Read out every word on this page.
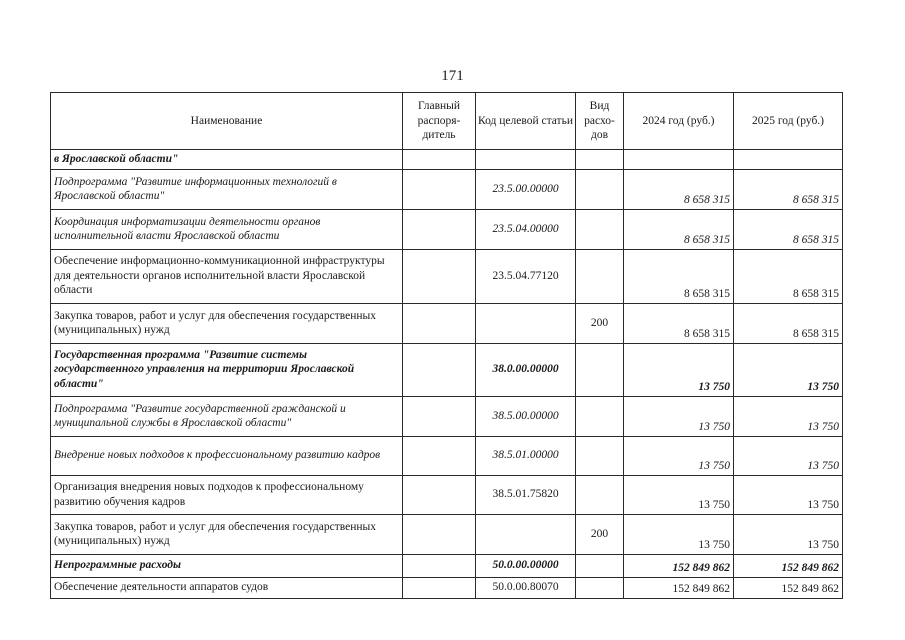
171
Наименование	Главный распоря-дитель	Код целевой статьи	Вид расхо-дов	2024 год (руб.)	2025 год (руб.)
в Ярославской области"					
Подпрограмма "Развитие информационных технологий в Ярославской области"		23.5.00.00000		8 658 315	8 658 315
Координация информатизации деятельности органов исполнительной власти Ярославской области		23.5.04.00000		8 658 315	8 658 315
Обеспечение информационно-коммуникационной инфраструктуры для деятельности органов исполнительной власти Ярославской области		23.5.04.77120		8 658 315	8 658 315
Закупка товаров, работ и услуг для обеспечения государственных (муниципальных) нужд			200	8 658 315	8 658 315
Государственная программа "Развитие системы государственного управления на территории Ярославской области"		38.0.00.00000		13 750	13 750
Подпрограмма "Развитие государственной гражданской и муниципальной службы в Ярославской области"		38.5.00.00000		13 750	13 750
Внедрение новых подходов к профессиональному развитию кадров		38.5.01.00000		13 750	13 750
Организация внедрения новых подходов к профессиональному развитию обучения кадров		38.5.01.75820		13 750	13 750
Закупка товаров, работ и услуг для обеспечения государственных (муниципальных) нужд			200	13 750	13 750
Непрограммные расходы		50.0.00.00000		152 849 862	152 849 862
Обеспечение деятельности аппаратов судов		50.0.00.80070		152 849 862	152 849 862
